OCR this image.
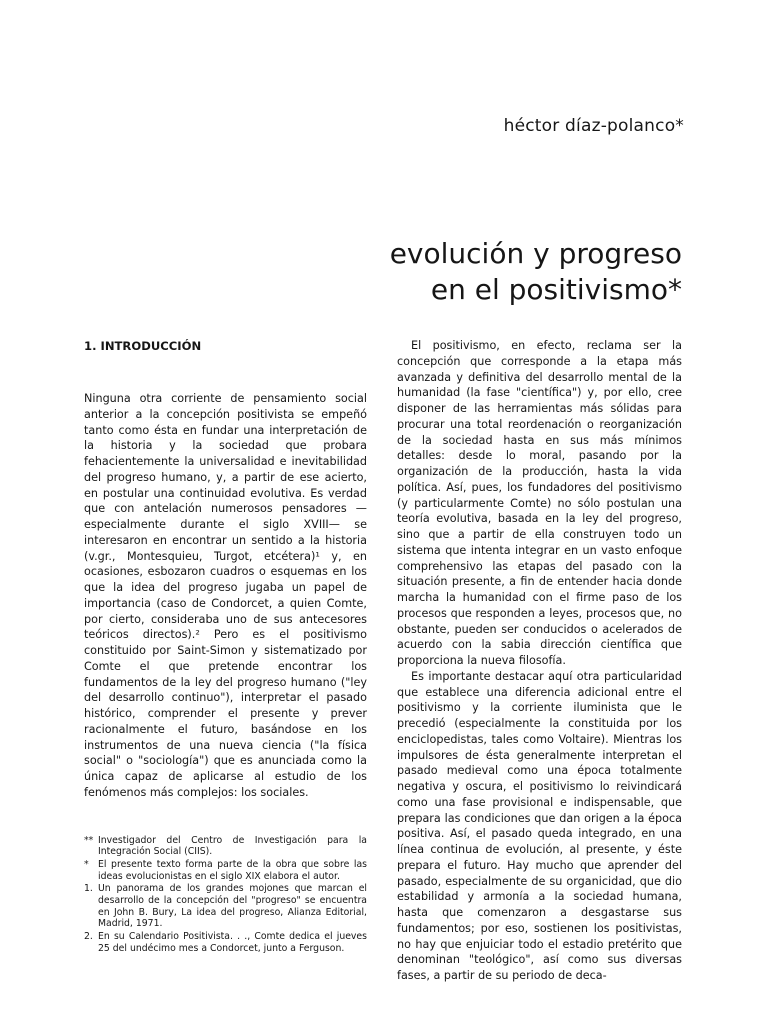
héctor díaz-polanco*
evolución y progreso
en el positivismo*
1. INTRODUCCIÓN

Ninguna otra corriente de pensamiento social anterior a la concepción positivista se empeñó tanto como ésta en fundar una interpretación de la historia y la sociedad que probara fehacientemente la universalidad e inevitabilidad del progreso humano, y, a partir de ese acierto, en postular una continuidad evolutiva. Es verdad que con antelación numerosos pensadores —especialmente durante el siglo XVIII— se interesaron en encontrar un sentido a la historia (v.gr., Montesquieu, Turgot, etcétera)¹ y, en ocasiones, esbozaron cuadros o esquemas en los que la idea del progreso jugaba un papel de importancia (caso de Condorcet, a quien Comte, por cierto, consideraba uno de sus antecesores teóricos directos).² Pero es el positivismo constituido por Saint-Simon y sistematizado por Comte el que pretende encontrar los fundamentos de la ley del progreso humano ("ley del desarrollo continuo"), interpretar el pasado histórico, comprender el presente y prever racionalmente el futuro, basándose en los instrumentos de una nueva ciencia ("la física social" o "sociología") que es anunciada como la única capaz de aplicarse al estudio de los fenómenos más complejos: los sociales.

** Investigador del Centro de Investigación para la Integración Social (CIIS).
*	El presente texto forma parte de la obra que sobre las ideas evolucionistas en el siglo XIX elabora el autor.
1. Un panorama de los grandes mojones que marcan el desarrollo de la concepción del "progreso" se encuentra en John B. Bury, La idea del progreso, Alianza Editorial, Madrid, 1971.
2. En su Calendario Positivista. . ., Comte dedica el jueves 25 del undécimo mes a Condorcet, junto a Ferguson.

El positivismo, en efecto, reclama ser la concepción que corresponde a la etapa más avanzada y definitiva del desarrollo mental de la humanidad (la fase "científica") y, por ello, cree disponer de las herramientas más sólidas para procurar una total reordenación o reorganización de la sociedad hasta en sus más mínimos detalles: desde lo moral, pasando por la organización de la producción, hasta la vida política. Así, pues, los fundadores del positivismo (y particularmente Comte) no sólo postulan una teoría evolutiva, basada en la ley del progreso, sino que a partir de ella construyen todo un sistema que intenta integrar en un vasto enfoque comprehensivo las etapas del pasado con la situación presente, a fin de entender hacia donde marcha la humanidad con el firme paso de los procesos que responden a leyes, procesos que, no obstante, pueden ser conducidos o acelerados de acuerdo con la sabia dirección científica que proporciona la nueva filosofía.

Es importante destacar aquí otra particularidad que establece una diferencia adicional entre el positivismo y la corriente iluminista que le precedió (especialmente la constituida por los enciclopedistas, tales como Voltaire). Mientras los impulsores de ésta generalmente interpretan el pasado medieval como una época totalmente negativa y oscura, el positivismo lo reivindicará como una fase provisional e indispensable, que prepara las condiciones que dan origen a la época positiva. Así, el pasado queda integrado, en una línea continua de evolución, al presente, y éste prepara el futuro. Hay mucho que aprender del pasado, especialmente de su organicidad, que dio estabilidad y armonía a la sociedad humana, hasta que comenzaron a desgastarse sus fundamentos; por eso, sostienen los positivistas, no hay que enjuiciar todo el estadio pretérito que denominan "teológico", así como sus diversas fases, a partir de su periodo de deca-
